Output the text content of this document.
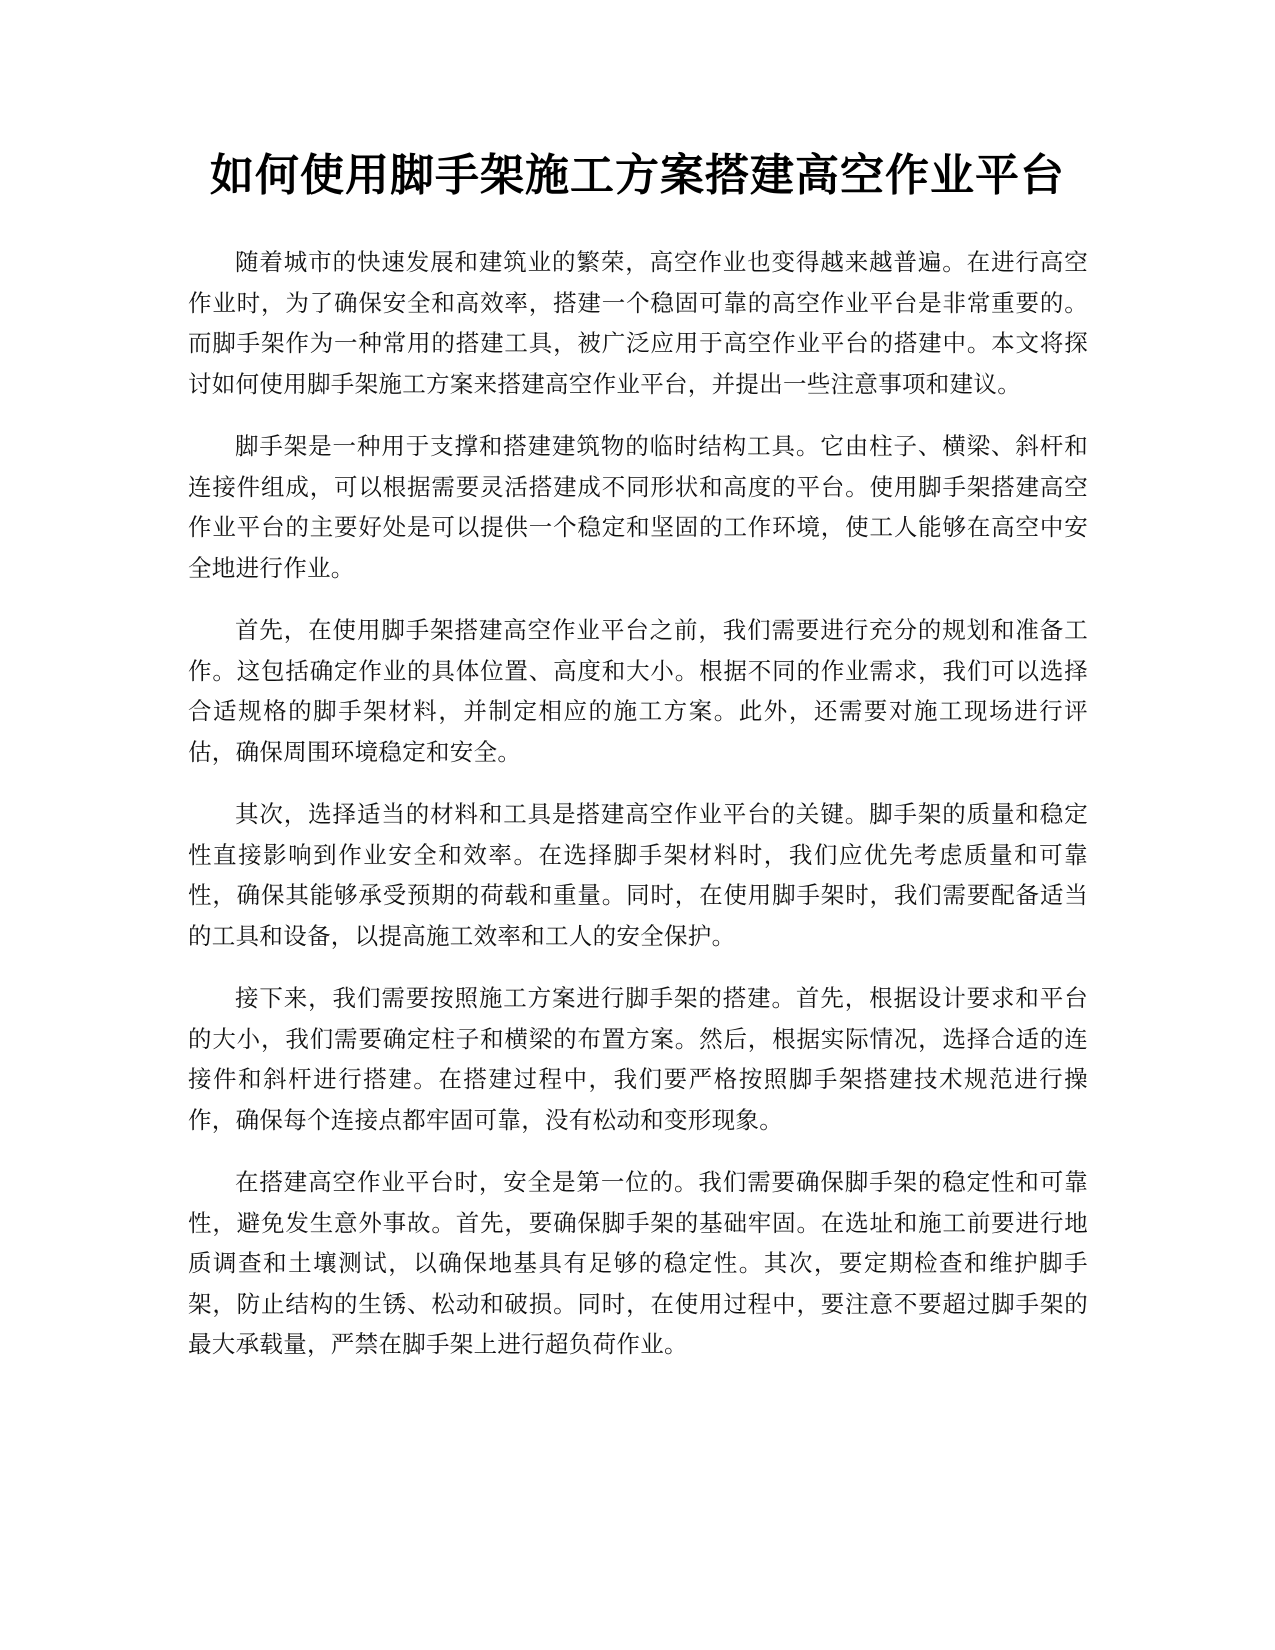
如何使用脚手架施工方案搭建高空作业平台

随着城市的快速发展和建筑业的繁荣，高空作业也变得越来越普遍。在进行高空作业时，为了确保安全和高效率，搭建一个稳固可靠的高空作业平台是非常重要的。而脚手架作为一种常用的搭建工具，被广泛应用于高空作业平台的搭建中。本文将探讨如何使用脚手架施工方案来搭建高空作业平台，并提出一些注意事项和建议。

脚手架是一种用于支撑和搭建建筑物的临时结构工具。它由柱子、横梁、斜杆和连接件组成，可以根据需要灵活搭建成不同形状和高度的平台。使用脚手架搭建高空作业平台的主要好处是可以提供一个稳定和坚固的工作环境，使工人能够在高空中安全地进行作业。

首先，在使用脚手架搭建高空作业平台之前，我们需要进行充分的规划和准备工作。这包括确定作业的具体位置、高度和大小。根据不同的作业需求，我们可以选择合适规格的脚手架材料，并制定相应的施工方案。此外，还需要对施工现场进行评估，确保周围环境稳定和安全。

其次，选择适当的材料和工具是搭建高空作业平台的关键。脚手架的质量和稳定性直接影响到作业安全和效率。在选择脚手架材料时，我们应优先考虑质量和可靠性，确保其能够承受预期的荷载和重量。同时，在使用脚手架时，我们需要配备适当的工具和设备，以提高施工效率和工人的安全保护。

接下来，我们需要按照施工方案进行脚手架的搭建。首先，根据设计要求和平台的大小，我们需要确定柱子和横梁的布置方案。然后，根据实际情况，选择合适的连接件和斜杆进行搭建。在搭建过程中，我们要严格按照脚手架搭建技术规范进行操作，确保每个连接点都牢固可靠，没有松动和变形现象。

在搭建高空作业平台时，安全是第一位的。我们需要确保脚手架的稳定性和可靠性，避免发生意外事故。首先，要确保脚手架的基础牢固。在选址和施工前要进行地质调查和土壤测试，以确保地基具有足够的稳定性。其次，要定期检查和维护脚手架，防止结构的生锈、松动和破损。同时，在使用过程中，要注意不要超过脚手架的最大承载量，严禁在脚手架上进行超负荷作业。
